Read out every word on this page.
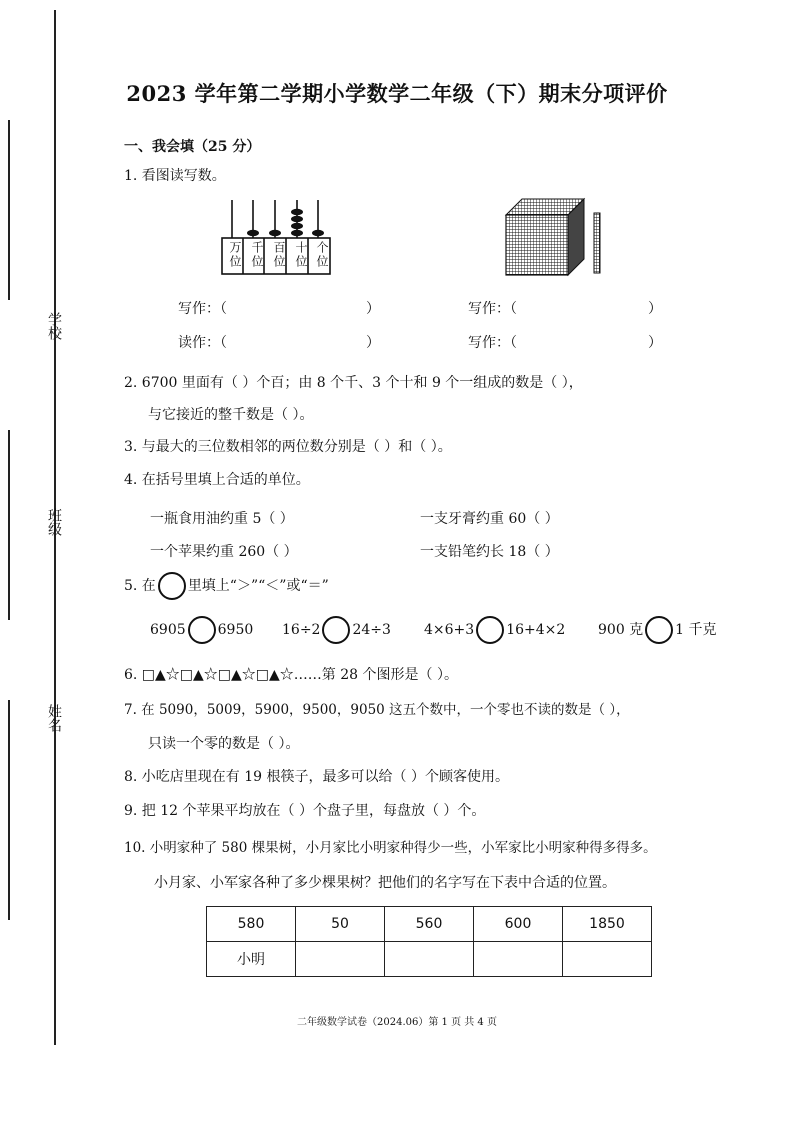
学校
班级
姓名
2023 学年第二学期小学数学二年级（下）期末分项评价
一、我会填（25 分）
1. 看图读写数。
万位 千位 百位 十位 个位
写作：（	）	写作：（	）
读作：（	）	写作：（	）
2. 6700 里面有（ ）个百；由 8 个千、3 个十和 9 个一组成的数是（ ），
与它接近的整千数是（ ）。
3. 与最大的三位数相邻的两位数分别是（ ）和（ ）。
4. 在括号里填上合适的单位。
一瓶食用油约重 5（ ）	一支牙膏约重 60（ ）
一个苹果约重 260（ ）	一支铅笔约长 18（ ）
5. 在 里填上“＞”“＜”或“＝”
6905 6950 16÷2 24÷3 4×6+3 16+4×2 900 克 1 千克
6. □▲☆□▲☆□▲☆□▲☆……第 28 个图形是（ ）。
7. 在 5090，5009，5900，9500，9050 这五个数中，一个零也不读的数是（ ），
只读一个零的数是（ ）。
8. 小吃店里现在有 19 根筷子，最多可以给（ ）个顾客使用。
9. 把 12 个苹果平均放在（ ）个盘子里，每盘放（ ）个。
10. 小明家种了 580 棵果树，小月家比小明家种得少一些，小军家比小明家种得多得多。
小月家、小军家各种了多少棵果树？把他们的名字写在下表中合适的位置。
580	50	560	600	1850
小明				
二年级数学试卷（2024.06）第 1 页 共 4 页
